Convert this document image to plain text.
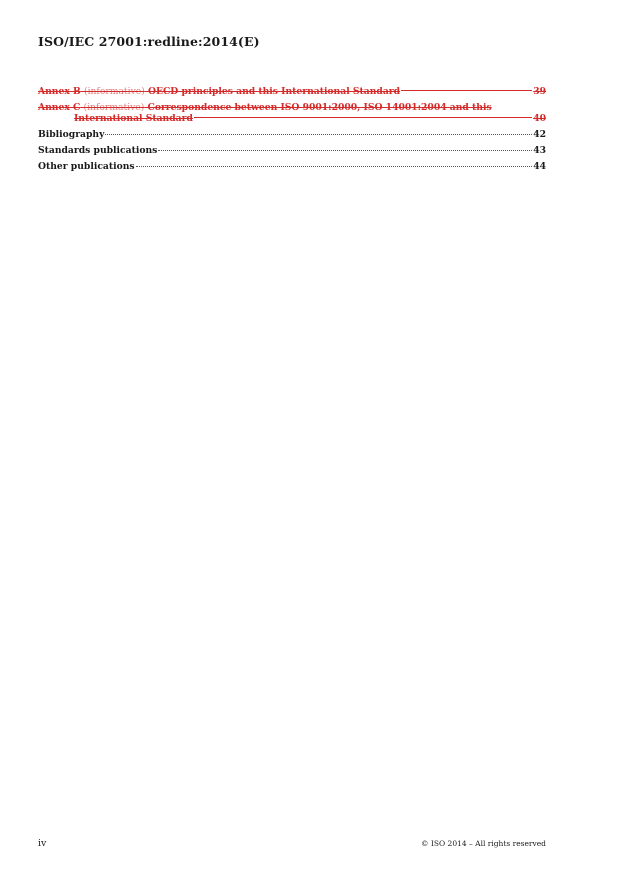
ISO/IEC 27001:redline:2014(E)
Annex B (informative) OECD principles and this International Standard	39
Annex C (informative) Correspondence between ISO 9001:2000, ISO 14001:2004 and this
International Standard	40
Bibliography	42
Standards publications	43
Other publications	44
iv	© ISO 2014 – All rights reserved
